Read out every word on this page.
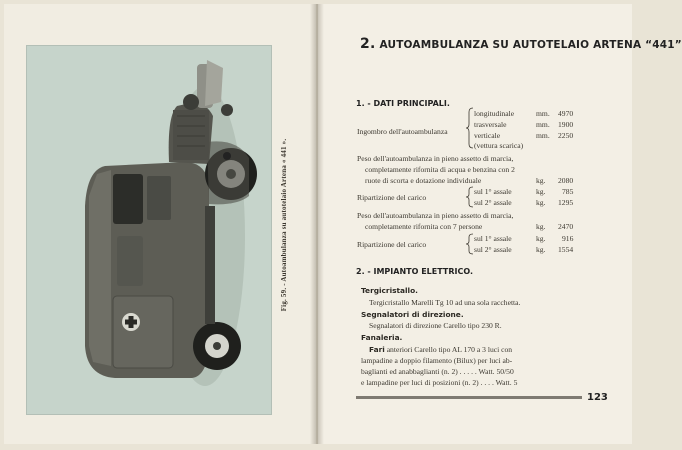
Fig. 59. - Autoambulanza su autotelaio Artena « 441 ».
2. AUTOAMBULANZA SU AUTOTELAIO ARTENA “441”
1. - DATI PRINCIPALI.
Ingombro dell'autoambulanza
longitudinale	mm. 4970
trasversale	mm. 1900
verticale	mm. 2250
(vettura scarica)
Peso dell'autoambulanza in pieno assetto di marcia,
completamente rifornita di acqua e benzina con 2
ruote di scorta e dotazione individuale	kg. 2080
Ripartizione del carico
sul 1° assale	kg. 785
sul 2° assale	kg. 1295
Peso dell'autoambulanza in pieno assetto di marcia,
completamente rifornita con 7 persone	kg. 2470
Ripartizione del carico
sul 1° assale	kg. 916
sul 2° assale	kg. 1554
2. - IMPIANTO ELETTRICO.
Tergicristallo.
Tergicristallo Marelli Tg 10 ad una sola racchetta.
Segnalatori di direzione.
Segnalatori di direzione Carello tipo 230 R.
Fanaleria.
Fari anteriori Carello tipo AL 170 a 3 luci con
lampadine a doppio filamento (Bilux) per luci ab-
baglianti ed anabbaglianti (n. 2) . . . . . Watt. 50/50
e lampadine per luci di posizioni (n. 2) . . . . Watt. 5
123
